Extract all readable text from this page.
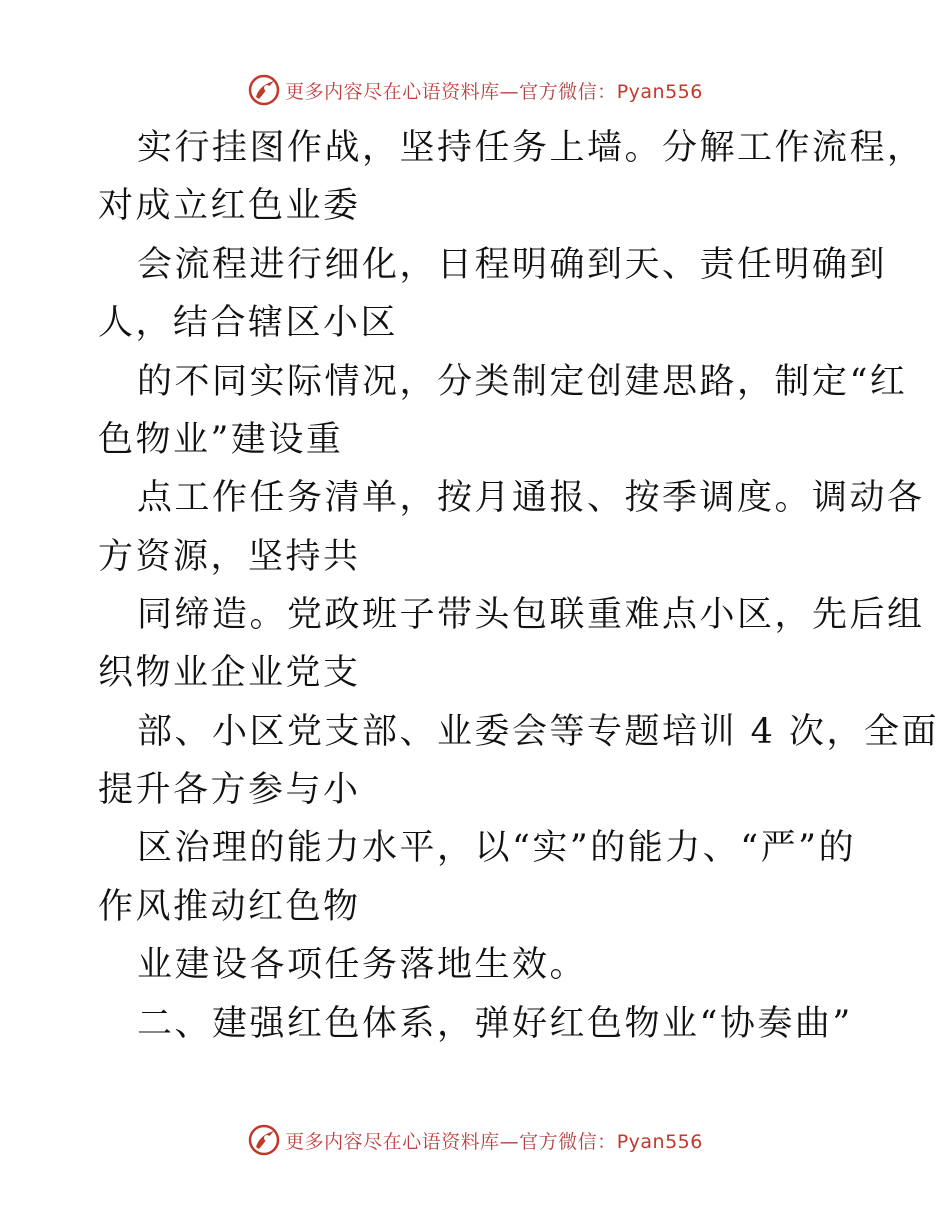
更多内容尽在心语资料库—官方微信：Pyan556
实行挂图作战，坚持任务上墙。分解工作流程，
对成立红色业委
会流程进行细化，日程明确到天、责任明确到
人，结合辖区小区
的不同实际情况，分类制定创建思路，制定“红
色物业”建设重
点工作任务清单，按月通报、按季调度。调动各
方资源，坚持共
同缔造。党政班子带头包联重难点小区，先后组
织物业企业党支
部、小区党支部、业委会等专题培训 4 次，全面
提升各方参与小
区治理的能力水平，以“实”的能力、“严”的
作风推动红色物
业建设各项任务落地生效。
二、建强红色体系，弹好红色物业“协奏曲”
更多内容尽在心语资料库—官方微信：Pyan556
